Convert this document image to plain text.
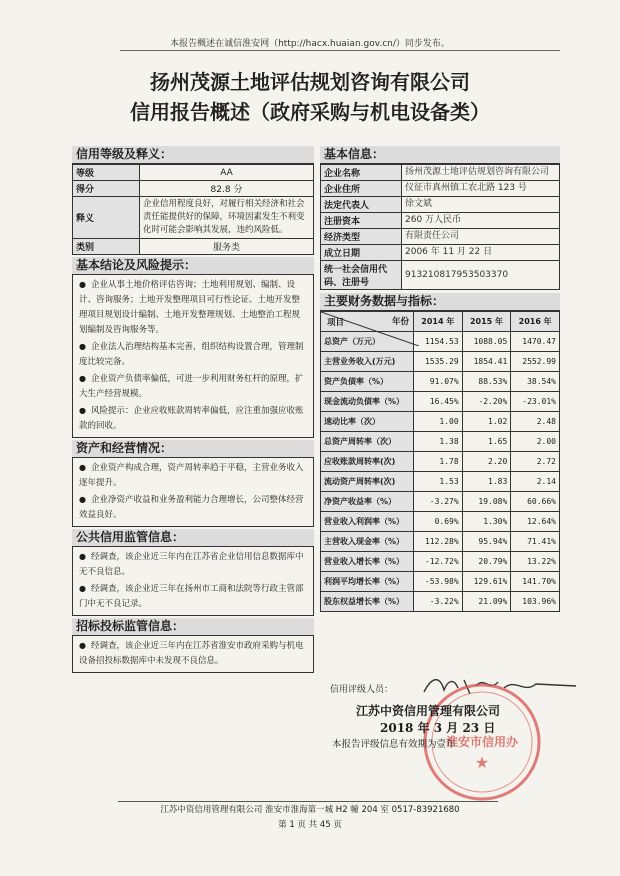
本报告概述在诚信淮安网（http://hacx.huaian.gov.cn/）同步发布。
扬州茂源土地评估规划咨询有限公司
信用报告概述（政府采购与机电设备类）
信用等级及释义：
等级	AA
得分	82.8 分
释义	企业信用程度良好，对履行相关经济和社会责任能提供好的保障，环境因素发生不利变化时可能会影响其发展，违约风险低。
类别	服务类
基本结论及风险提示：

● 企业从事土地价格评估咨询；土地利用规划、编制、设计、咨询服务；土地开发整理项目可行性论证、土地开发整理项目规划设计编制、土地开发整理规划、土地整治工程规划编制及咨询服务等。

● 企业法人治理结构基本完善，组织结构设置合理，管理制度比较完备。

● 企业资产负债率偏低，可进一步利用财务杠杆的原理，扩大生产经营规模。

● 风险提示：企业应收账款周转率偏低，应注重加强应收账款的回收。

资产和经营情况：

● 企业资产构成合理，资产周转率趋于平稳，主营业务收入逐年提升。

● 企业净资产收益和业务盈利能力合理增长，公司整体经营效益良好。

公共信用监管信息：

● 经调查，该企业近三年内在江苏省企业信用信息数据库中无不良信息。

● 经调查，该企业近三年在扬州市工商和法院等行政主管部门中无不良记录。

招标投标监管信息：

● 经调查，该企业近三年内在江苏省淮安市政府采购与机电设备招投标数据库中未发现不良信息。

基本信息：
企业名称	扬州茂源土地评估规划咨询有限公司
企业住所	仪征市真州镇工农北路 123 号
法定代表人	徐文斌
注册资本	260 万人民币
经济类型	有限责任公司
成立日期	2006 年 11 月 22 日
统一社会信用代码、注册号	913210817953503370
主要财务数据与指标：
年份
项目	2014 年	2015 年	2016 年
总资产（万元）	1154.53	1088.05	1470.47
主营业务收入(万元)	1535.29	1854.41	2552.99
资产负债率（%）	91.07%	88.53%	38.54%
现金流动负债率（%）	16.45%	-2.20%	-23.01%
速动比率（次）	1.00	1.02	2.48
总资产周转率（次）	1.38	1.65	2.00
应收账款周转率(次)	1.78	2.20	2.72
流动资产周转率(次)	1.53	1.83	2.14
净资产收益率（%）	-3.27%	19.08%	60.66%
营业收入利润率（%）	0.69%	1.30%	12.64%
主营收入现金率（%）	112.28%	95.94%	71.41%
营业收入增长率（%）	-12.72%	20.79%	13.22%
利润平均增长率（%）	-53.98%	129.61%	141.70%
股东权益增长率（%）	-3.22%	21.09%	103.96%
信用评级人员：
淮安市信用办
★
江苏中资信用管理有限公司
2018 年 3 月 23 日
本报告评级信息有效期为壹年
江苏中资信用管理有限公司 淮安市淮海第一城 H2 幢 204 室 0517-83921680
第 1 页 共 45 页
